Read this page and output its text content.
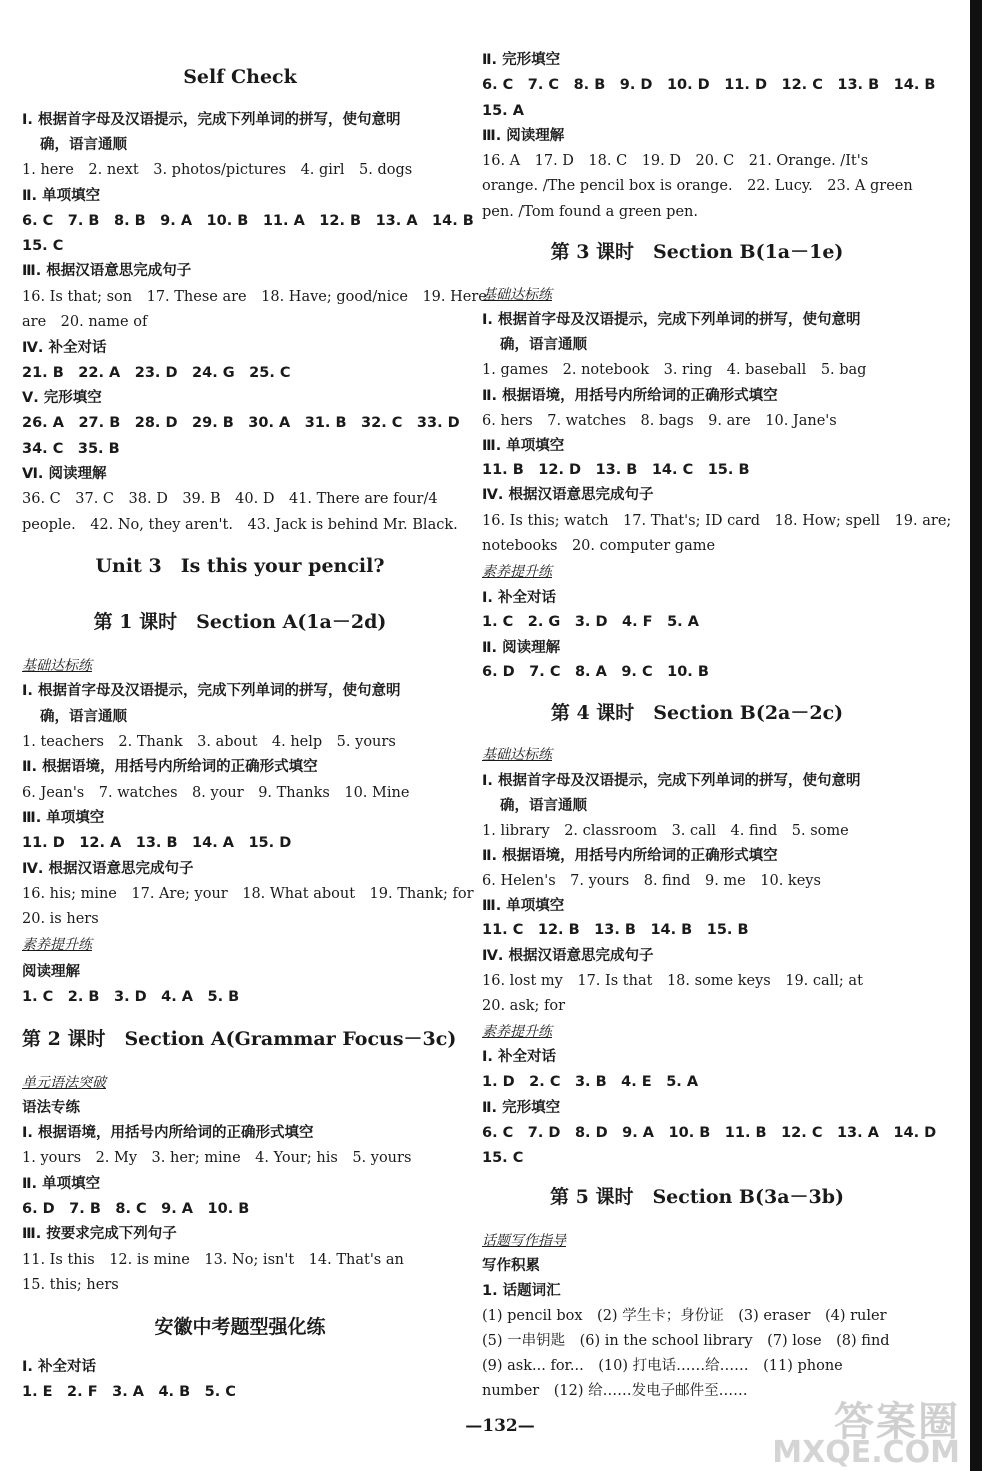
Self Check
Ⅰ. 根据首字母及汉语提示，完成下列单词的拼写，使句意明
确，语言通顺
1. here　2. next　3. photos/pictures　4. girl　5. dogs
Ⅱ. 单项填空
6. C　7. B　8. B　9. A　10. B　11. A　12. B　13. A　14. B
15. C
Ⅲ. 根据汉语意思完成句子
16. Is that; son　17. These are　18. Have; good/nice　19. Here
are　20. name of
Ⅳ. 补全对话
21. B　22. A　23. D　24. G　25. C
Ⅴ. 完形填空
26. A　27. B　28. D　29. B　30. A　31. B　32. C　33. D
34. C　35. B
Ⅵ. 阅读理解
36. C　37. C　38. D　39. B　40. D　41. There are four/4
people.　42. No, they aren't.　43. Jack is behind Mr. Black.
Unit 3　Is this your pencil?
第 1 课时　Section A(1a－2d)
基础达标练
Ⅰ. 根据首字母及汉语提示，完成下列单词的拼写，使句意明
确，语言通顺
1. teachers　2. Thank　3. about　4. help　5. yours
Ⅱ. 根据语境，用括号内所给词的正确形式填空
6. Jean's　7. watches　8. your　9. Thanks　10. Mine
Ⅲ. 单项填空
11. D　12. A　13. B　14. A　15. D
Ⅳ. 根据汉语意思完成句子
16. his; mine　17. Are; your　18. What about　19. Thank; for
20. is hers
素养提升练
阅读理解
1. C　2. B　3. D　4. A　5. B
第 2 课时　Section A(Grammar Focus－3c)
单元语法突破
语法专练
Ⅰ. 根据语境，用括号内所给词的正确形式填空
1. yours　2. My　3. her; mine　4. Your; his　5. yours
Ⅱ. 单项填空
6. D　7. B　8. C　9. A　10. B
Ⅲ. 按要求完成下列句子
11. Is this　12. is mine　13. No; isn't　14. That's an
15. this; hers
安徽中考题型强化练
Ⅰ. 补全对话
1. E　2. F　3. A　4. B　5. C
Ⅱ. 完形填空
6. C　7. C　8. B　9. D　10. D　11. D　12. C　13. B　14. B
15. A
Ⅲ. 阅读理解
16. A　17. D　18. C　19. D　20. C　21. Orange. /It's
orange. /The pencil box is orange.　22. Lucy.　23. A green
pen. /Tom found a green pen.
第 3 课时　Section B(1a－1e)
基础达标练
Ⅰ. 根据首字母及汉语提示，完成下列单词的拼写，使句意明
确，语言通顺
1. games　2. notebook　3. ring　4. baseball　5. bag
Ⅱ. 根据语境，用括号内所给词的正确形式填空
6. hers　7. watches　8. bags　9. are　10. Jane's
Ⅲ. 单项填空
11. B　12. D　13. B　14. C　15. B
Ⅳ. 根据汉语意思完成句子
16. Is this; watch　17. That's; ID card　18. How; spell　19. are;
notebooks　20. computer game
素养提升练
Ⅰ. 补全对话
1. C　2. G　3. D　4. F　5. A
Ⅱ. 阅读理解
6. D　7. C　8. A　9. C　10. B
第 4 课时　Section B(2a－2c)
基础达标练
Ⅰ. 根据首字母及汉语提示，完成下列单词的拼写，使句意明
确，语言通顺
1. library　2. classroom　3. call　4. find　5. some
Ⅱ. 根据语境，用括号内所给词的正确形式填空
6. Helen's　7. yours　8. find　9. me　10. keys
Ⅲ. 单项填空
11. C　12. B　13. B　14. B　15. B
Ⅳ. 根据汉语意思完成句子
16. lost my　17. Is that　18. some keys　19. call; at
20. ask; for
素养提升练
Ⅰ. 补全对话
1. D　2. C　3. B　4. E　5. A
Ⅱ. 完形填空
6. C　7. D　8. D　9. A　10. B　11. B　12. C　13. A　14. D
15. C
第 5 课时　Section B(3a－3b)
话题写作指导
写作积累
1. 话题词汇
(1) pencil box　(2) 学生卡；身份证　(3) eraser　(4) ruler
(5) 一串钥匙　(6) in the school library　(7) lose　(8) find
(9) ask... for...　(10) 打电话……给……　(11) phone
number　(12) 给……发电子邮件至……
答案圈
MXQE.COM
—132—
